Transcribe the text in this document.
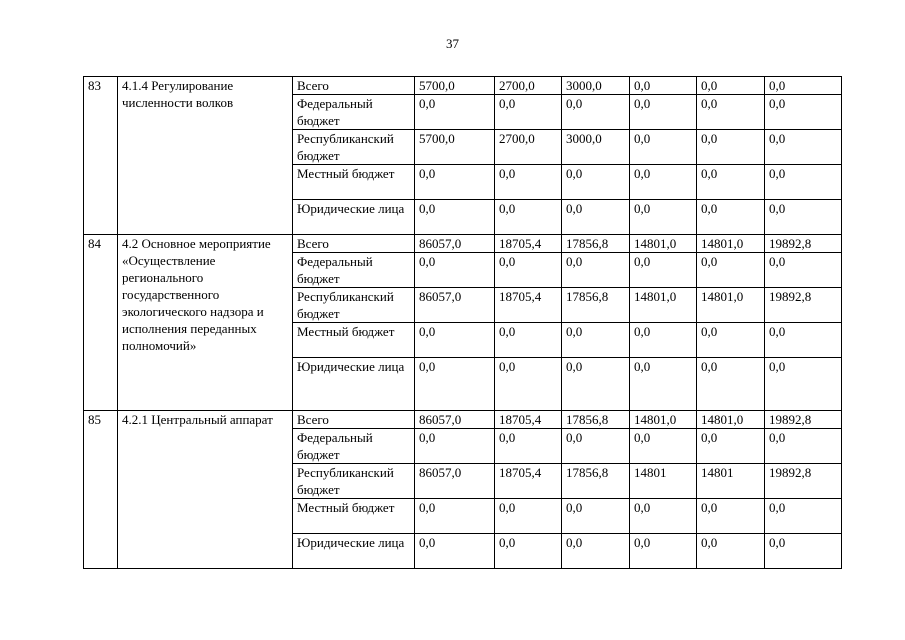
37
83	4.1.4 Регулирование численности волков	Всего	5700,0	2700,0	3000,0	0,0	0,0	0,0
		Федеральный бюджет	0,0	0,0	0,0	0,0	0,0	0,0
		Республиканский бюджет	5700,0	2700,0	3000,0	0,0	0,0	0,0
		Местный бюджет	0,0	0,0	0,0	0,0	0,0	0,0
		Юридические лица	0,0	0,0	0,0	0,0	0,0	0,0
84	4.2 Основное мероприятие «Осуществление регионального государственного экологического надзора и исполнения переданных полномочий»	Всего	86057,0	18705,4	17856,8	14801,0	14801,0	19892,8
		Федеральный бюджет	0,0	0,0	0,0	0,0	0,0	0,0
		Республиканский бюджет	86057,0	18705,4	17856,8	14801,0	14801,0	19892,8
		Местный бюджет	0,0	0,0	0,0	0,0	0,0	0,0
		Юридические лица	0,0	0,0	0,0	0,0	0,0	0,0
85	4.2.1 Центральный аппарат	Всего	86057,0	18705,4	17856,8	14801,0	14801,0	19892,8
		Федеральный бюджет	0,0	0,0	0,0	0,0	0,0	0,0
		Республиканский бюджет	86057,0	18705,4	17856,8	14801	14801	19892,8
		Местный бюджет	0,0	0,0	0,0	0,0	0,0	0,0
		Юридические лица	0,0	0,0	0,0	0,0	0,0	0,0
